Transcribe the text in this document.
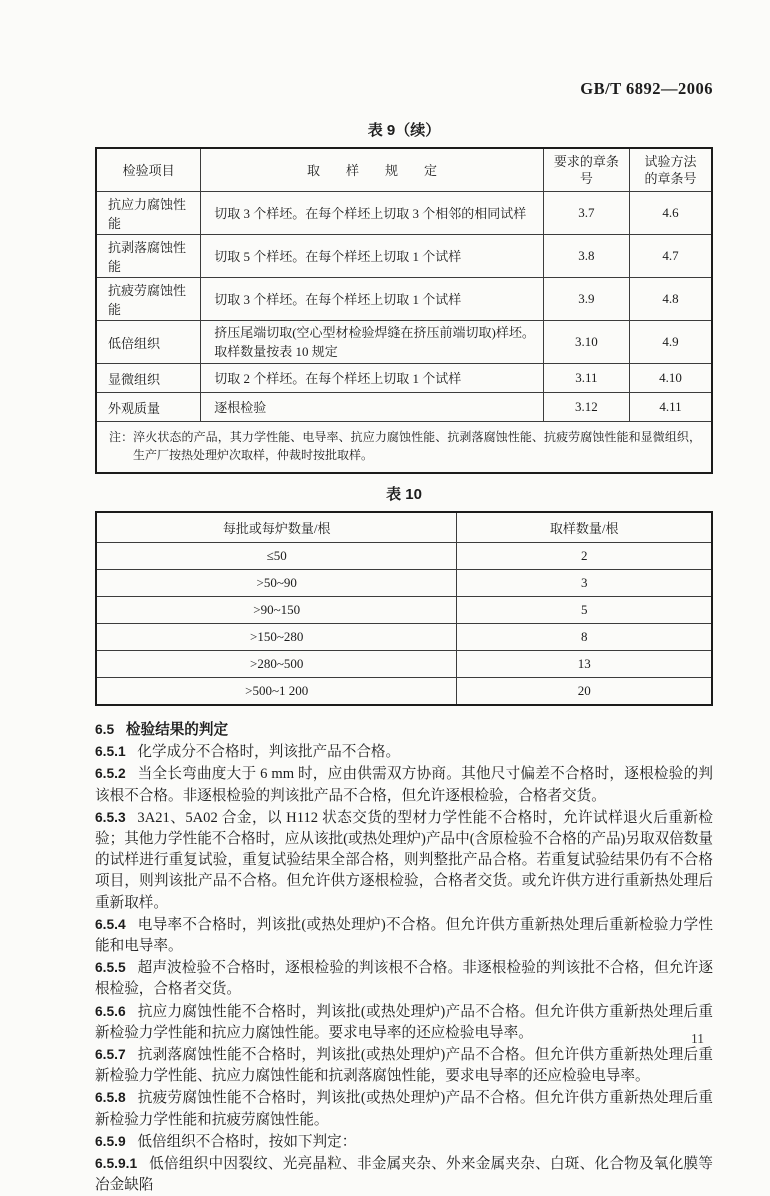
GB/T 6892—2006
表 9（续）
检验项目	取　　样　　规　　定	要求的章条号	试验方法
的章条号

抗应力腐蚀性能	切取 3 个样坯。在每个样坯上切取 3 个相邻的相同试样	3.7	4.6
抗剥落腐蚀性能	切取 5 个样坯。在每个样坯上切取 1 个试样	3.8	4.7
抗疲劳腐蚀性能	切取 3 个样坯。在每个样坯上切取 1 个试样	3.9	4.8
低倍组织	挤压尾端切取(空心型材检验焊缝在挤压前端切取)样坯。取样数量按表 10 规定	3.10	4.9
显微组织	切取 2 个样坯。在每个样坯上切取 1 个试样	3.11	4.10
外观质量	逐根检验	3.12	4.11

注：淬火状态的产品，其力学性能、电导率、抗应力腐蚀性能、抗剥落腐蚀性能、抗疲劳腐蚀性能和显微组织，生产厂按热处理炉次取样，仲裁时按批取样。			
表 10
每批或每炉数量/根	取样数量/根
≤50	2
>50~90	3
>90~150	5
>150~280	8
>280~500	13
>500~1 200	20

6.5 检验结果的判定

6.5.1 化学成分不合格时，判该批产品不合格。

6.5.2 当全长弯曲度大于 6 mm 时，应由供需双方协商。其他尺寸偏差不合格时，逐根检验的判该根不合格。非逐根检验的判该批产品不合格，但允许逐根检验，合格者交货。

6.5.3 3A21、5A02 合金，以 H112 状态交货的型材力学性能不合格时，允许试样退火后重新检验；其他力学性能不合格时，应从该批(或热处理炉)产品中(含原检验不合格的产品)另取双倍数量的试样进行重复试验，重复试验结果全部合格，则判整批产品合格。若重复试验结果仍有不合格项目，则判该批产品不合格。但允许供方逐根检验，合格者交货。或允许供方进行重新热处理后重新取样。

6.5.4 电导率不合格时，判该批(或热处理炉)不合格。但允许供方重新热处理后重新检验力学性能和电导率。

6.5.5 超声波检验不合格时，逐根检验的判该根不合格。非逐根检验的判该批不合格，但允许逐根检验，合格者交货。

6.5.6 抗应力腐蚀性能不合格时，判该批(或热处理炉)产品不合格。但允许供方重新热处理后重新检验力学性能和抗应力腐蚀性能。要求电导率的还应检验电导率。

6.5.7 抗剥落腐蚀性能不合格时，判该批(或热处理炉)产品不合格。但允许供方重新热处理后重新检验力学性能、抗应力腐蚀性能和抗剥落腐蚀性能，要求电导率的还应检验电导率。

6.5.8 抗疲劳腐蚀性能不合格时，判该批(或热处理炉)产品不合格。但允许供方重新热处理后重新检验力学性能和抗疲劳腐蚀性能。

6.5.9 低倍组织不合格时，按如下判定：

6.5.9.1 低倍组织中因裂纹、光亮晶粒、非金属夹杂、外来金属夹杂、白斑、化合物及氧化膜等冶金缺陷

11
